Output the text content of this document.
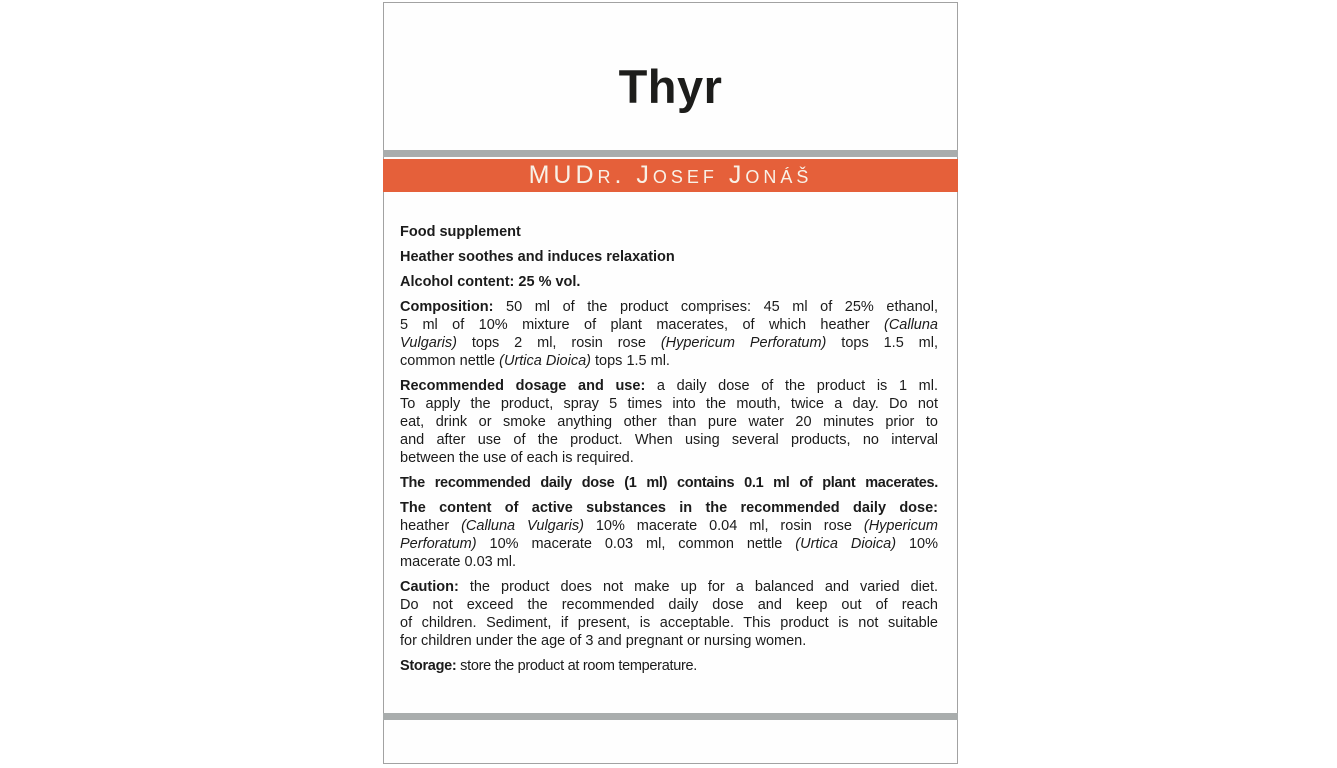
Thyr
MUDr. Josef Jonáš
Food supplement
Heather soothes and induces relaxation
Alcohol content: 25 % vol.
Composition: 50 ml of the product comprises: 45 ml of 25% ethanol,
5 ml of 10% mixture of plant macerates, of which heather (Calluna
Vulgaris) tops 2 ml, rosin rose (Hypericum Perforatum) tops 1.5 ml,
common nettle (Urtica Dioica) tops 1.5 ml.
Recommended dosage and use: a daily dose of the product is 1 ml.
To apply the product, spray 5 times into the mouth, twice a day. Do not
eat, drink or smoke anything other than pure water 20 minutes prior to
and after use of the product. When using several products, no interval
between the use of each is required.
The recommended daily dose (1 ml) contains 0.1 ml of plant macerates.
The content of active substances in the recommended daily dose:
heather (Calluna Vulgaris) 10% macerate 0.04 ml, rosin rose (Hypericum
Perforatum) 10% macerate 0.03 ml, common nettle (Urtica Dioica) 10%
macerate 0.03 ml.
Caution: the product does not make up for a balanced and varied diet.
Do not exceed the recommended daily dose and keep out of reach
of children. Sediment, if present, is acceptable. This product is not suitable
for children under the age of 3 and pregnant or nursing women.
Storage: store the product at room temperature.
